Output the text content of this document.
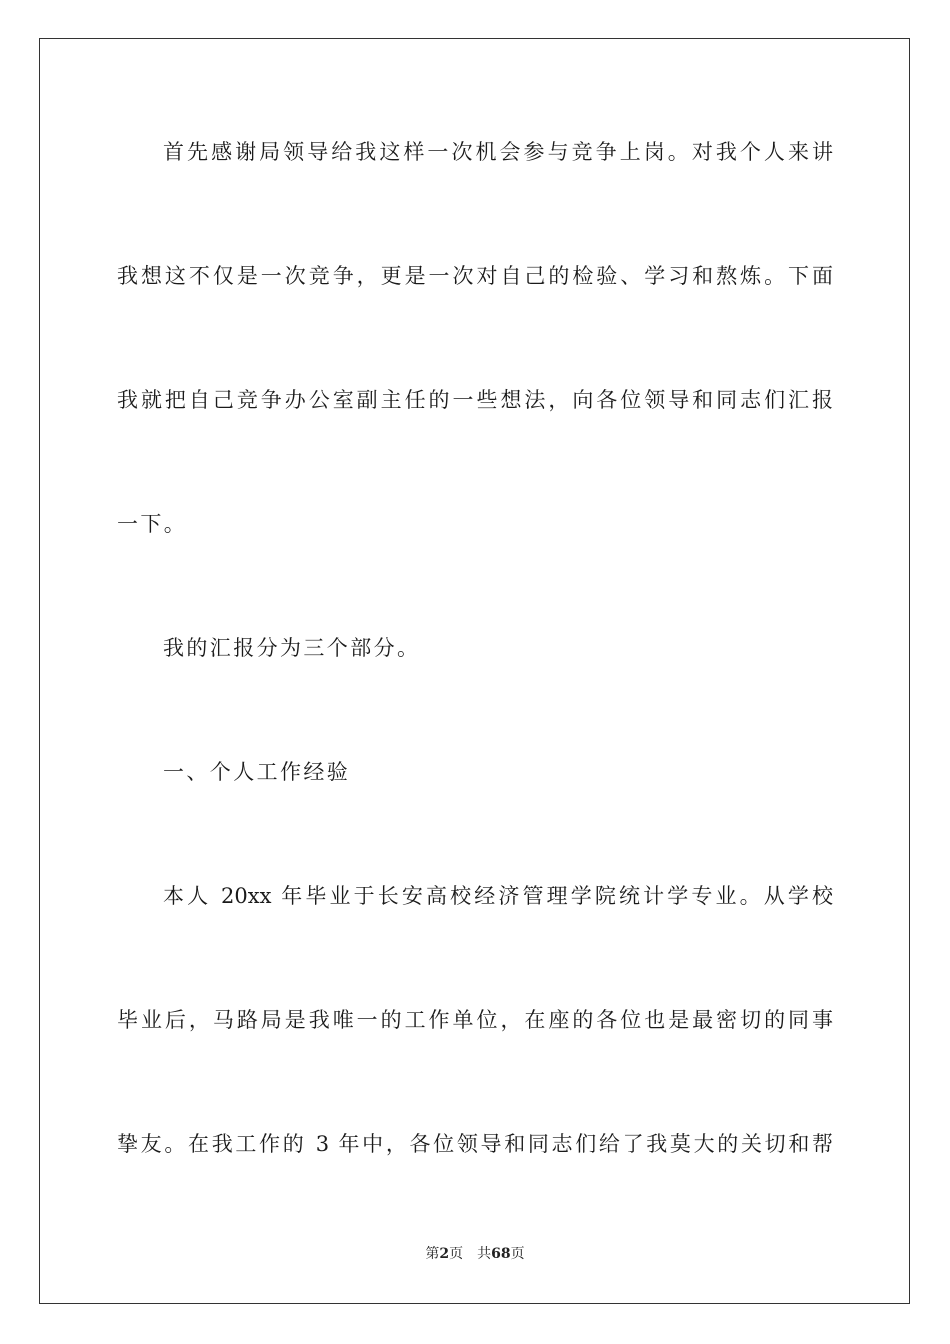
首先感谢局领导给我这样一次机会参与竞争上岗。对我个人来讲
我想这不仅是一次竞争，更是一次对自己的检验、学习和熬炼。下面
我就把自己竞争办公室副主任的一些想法，向各位领导和同志们汇报
一下。
我的汇报分为三个部分。
一、个人工作经验
本人 20xx 年毕业于长安高校经济管理学院统计学专业。从学校
毕业后，马路局是我唯一的工作单位，在座的各位也是最密切的同事
挚友。在我工作的 3 年中，各位领导和同志们给了我莫大的关切和帮
第2页 共68页
